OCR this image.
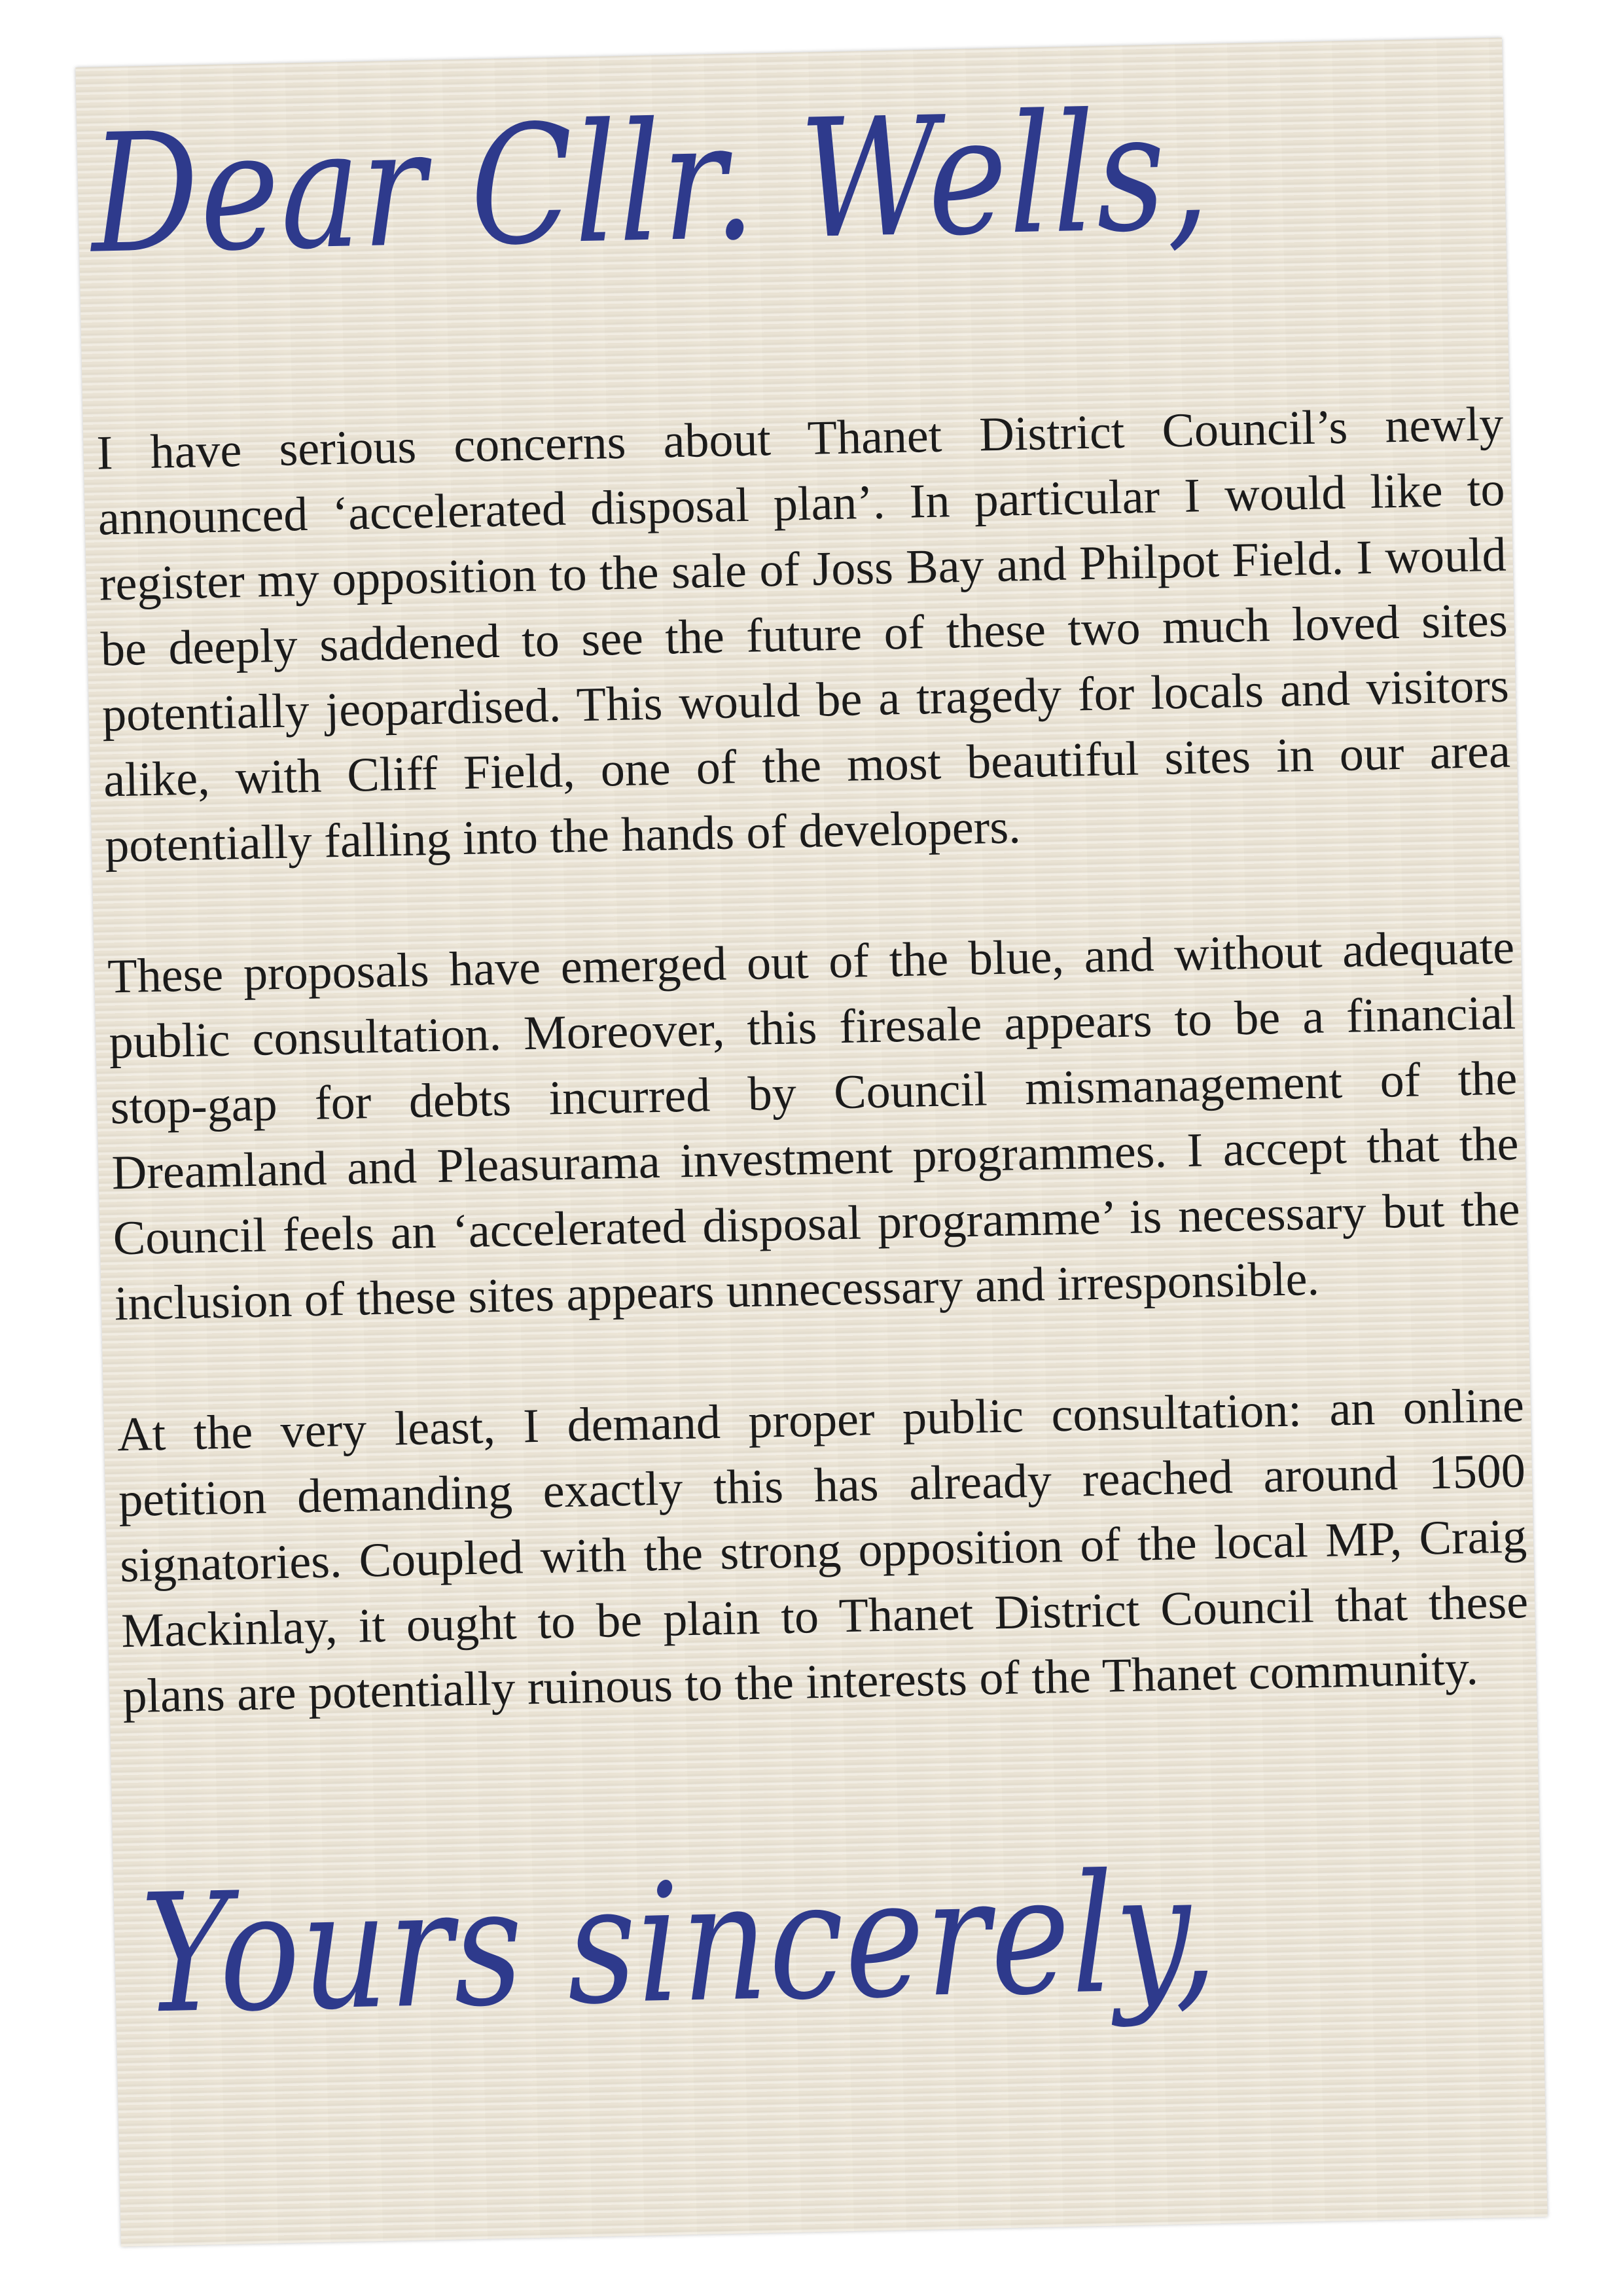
Dear Cllr. Wells,

I have serious concerns about Thanet District Council’s newly announced ‘accelerated disposal plan’. In particular I would like to register my opposition to the sale of Joss Bay and Philpot Field. I would be deeply saddened to see the future of these two much loved sites potentially jeopardised. This would be a tragedy for locals and visitors alike, with Cliff Field, one of the most beautiful sites in our area potentially falling into the hands of developers.

These proposals have emerged out of the blue, and without adequate public consultation. Moreover, this firesale appears to be a financial stop-gap for debts incurred by Council mismanagement of the Dreamland and Pleasurama investment programmes. I accept that the Council feels an ‘accelerated disposal programme’ is necessary but the inclusion of these sites appears unnecessary and irresponsible.

At the very least, I demand proper public consultation: an online petition demanding exactly this has already reached around 1500 signatories. Coupled with the strong opposition of the local MP, Craig Mackinlay, it ought to be plain to Thanet District Council that these plans are potentially ruinous to the interests of the Thanet community.

Yours sincerely,
